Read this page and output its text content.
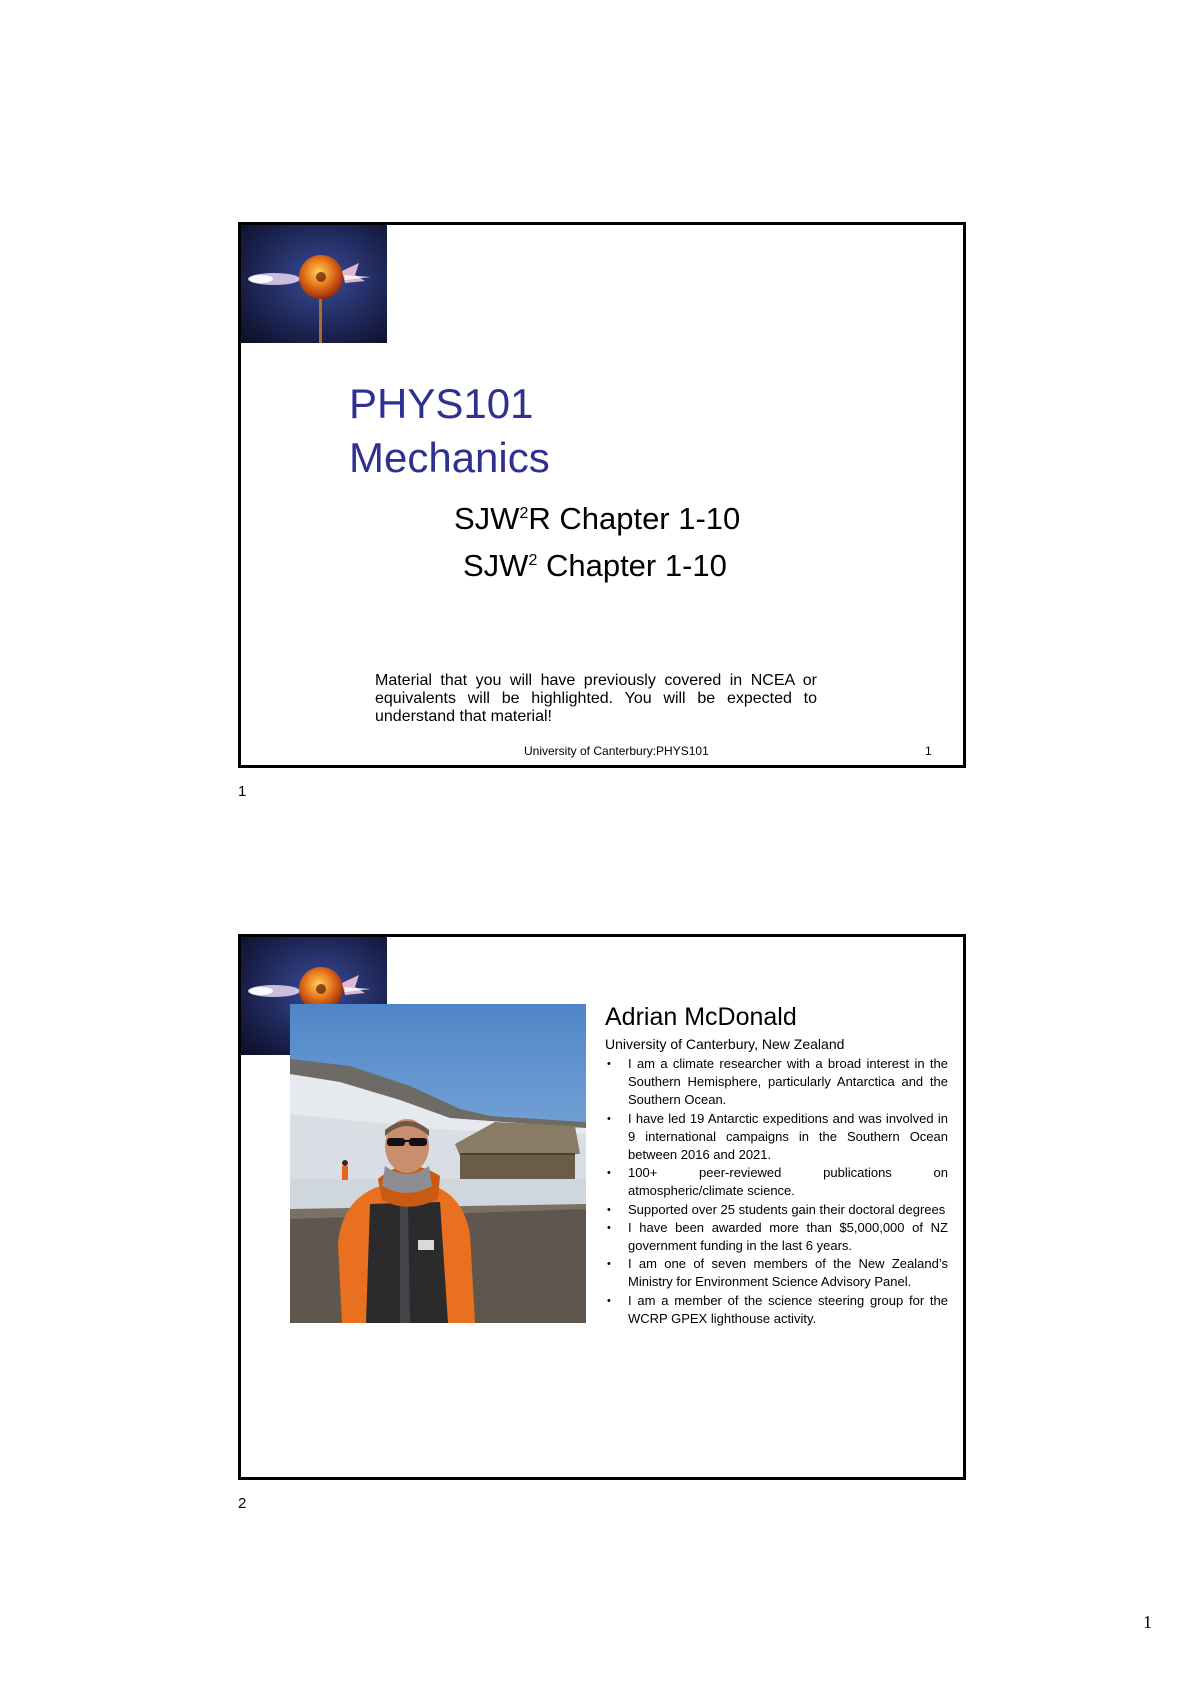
PHYS101
Mechanics
SJW$^2$R Chapter 1-10
SJW$^2$ Chapter 1-10
Material that you will have previously covered in NCEA or equivalents will be highlighted. You will be expected to understand that material!
University of Canterbury:PHYS101	1
1
Adrian McDonald
University of Canterbury, New Zealand
• I am a climate researcher with a broad interest in the Southern Hemisphere, particularly Antarctica and the Southern Ocean.
• I have led 19 Antarctic expeditions and was involved in 9 international campaigns in the Southern Ocean between 2016 and 2021.
• 100+ peer-reviewed publications on atmospheric/climate science.
• Supported over 25 students gain their doctoral degrees
• I have been awarded more than $5,000,000 of NZ government funding in the last 6 years.
• I am one of seven members of the New Zealand’s Ministry for Environment Science Advisory Panel.
• I am a member of the science steering group for the WCRP GPEX lighthouse activity.
2
1
